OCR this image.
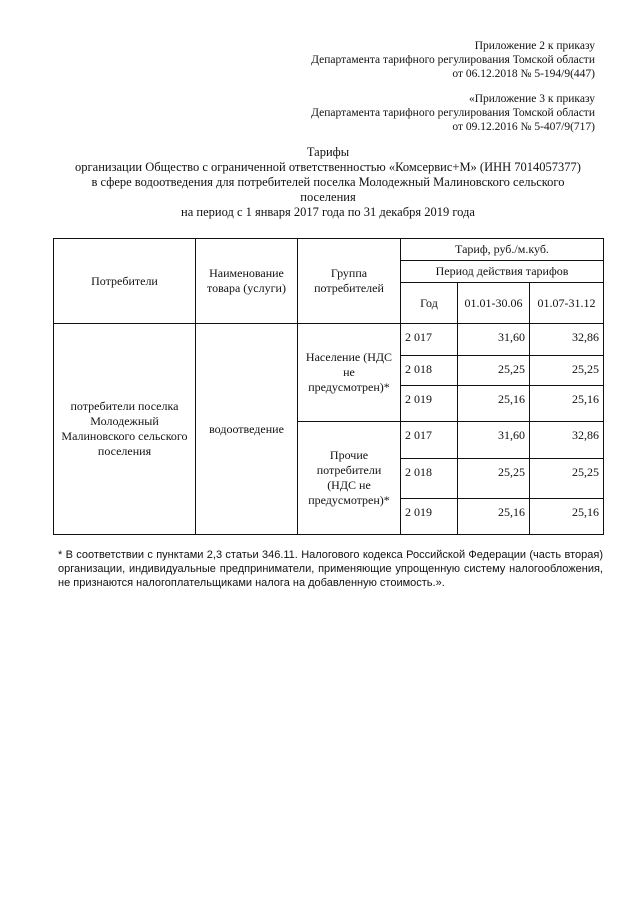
Приложение 2 к приказу
Департамента тарифного регулирования Томской области
от 06.12.2018 № 5-194/9(447)
«Приложение 3 к приказу
Департамента тарифного регулирования Томской области
от 09.12.2016 № 5-407/9(717)
Тарифы
организации Общество с ограниченной ответственностью «Комсервис+М» (ИНН 7014057377)
в сфере водоотведения для потребителей поселка Молодежный Малиновского сельского
поселения
на период с 1 января 2017 года по 31 декабря 2019 года
Потребители	Наименование товара (услуги)	Группа потребителей	Тариф, руб./м.куб.		
			Период действия тарифов		
			Год	01.01-30.06	01.07-31.12
потребители поселка Молодежный Малиновского сельского поселения	водоотведение	Население (НДС не предусмотрен)*	2 017	31,60	32,86
			2 018	25,25	25,25
			2 019	25,16	25,16
		Прочие потребители (НДС не предусмотрен)*	2 017	31,60	32,86
			2 018	25,25	25,25
			2 019	25,16	25,16
* В соответствии с пунктами 2,3 статьи 346.11. Налогового кодекса Российской Федерации (часть вторая) организации, индивидуальные предприниматели, применяющие упрощенную систему налогообложения, не признаются налогоплательщиками налога на добавленную стоимость.».
